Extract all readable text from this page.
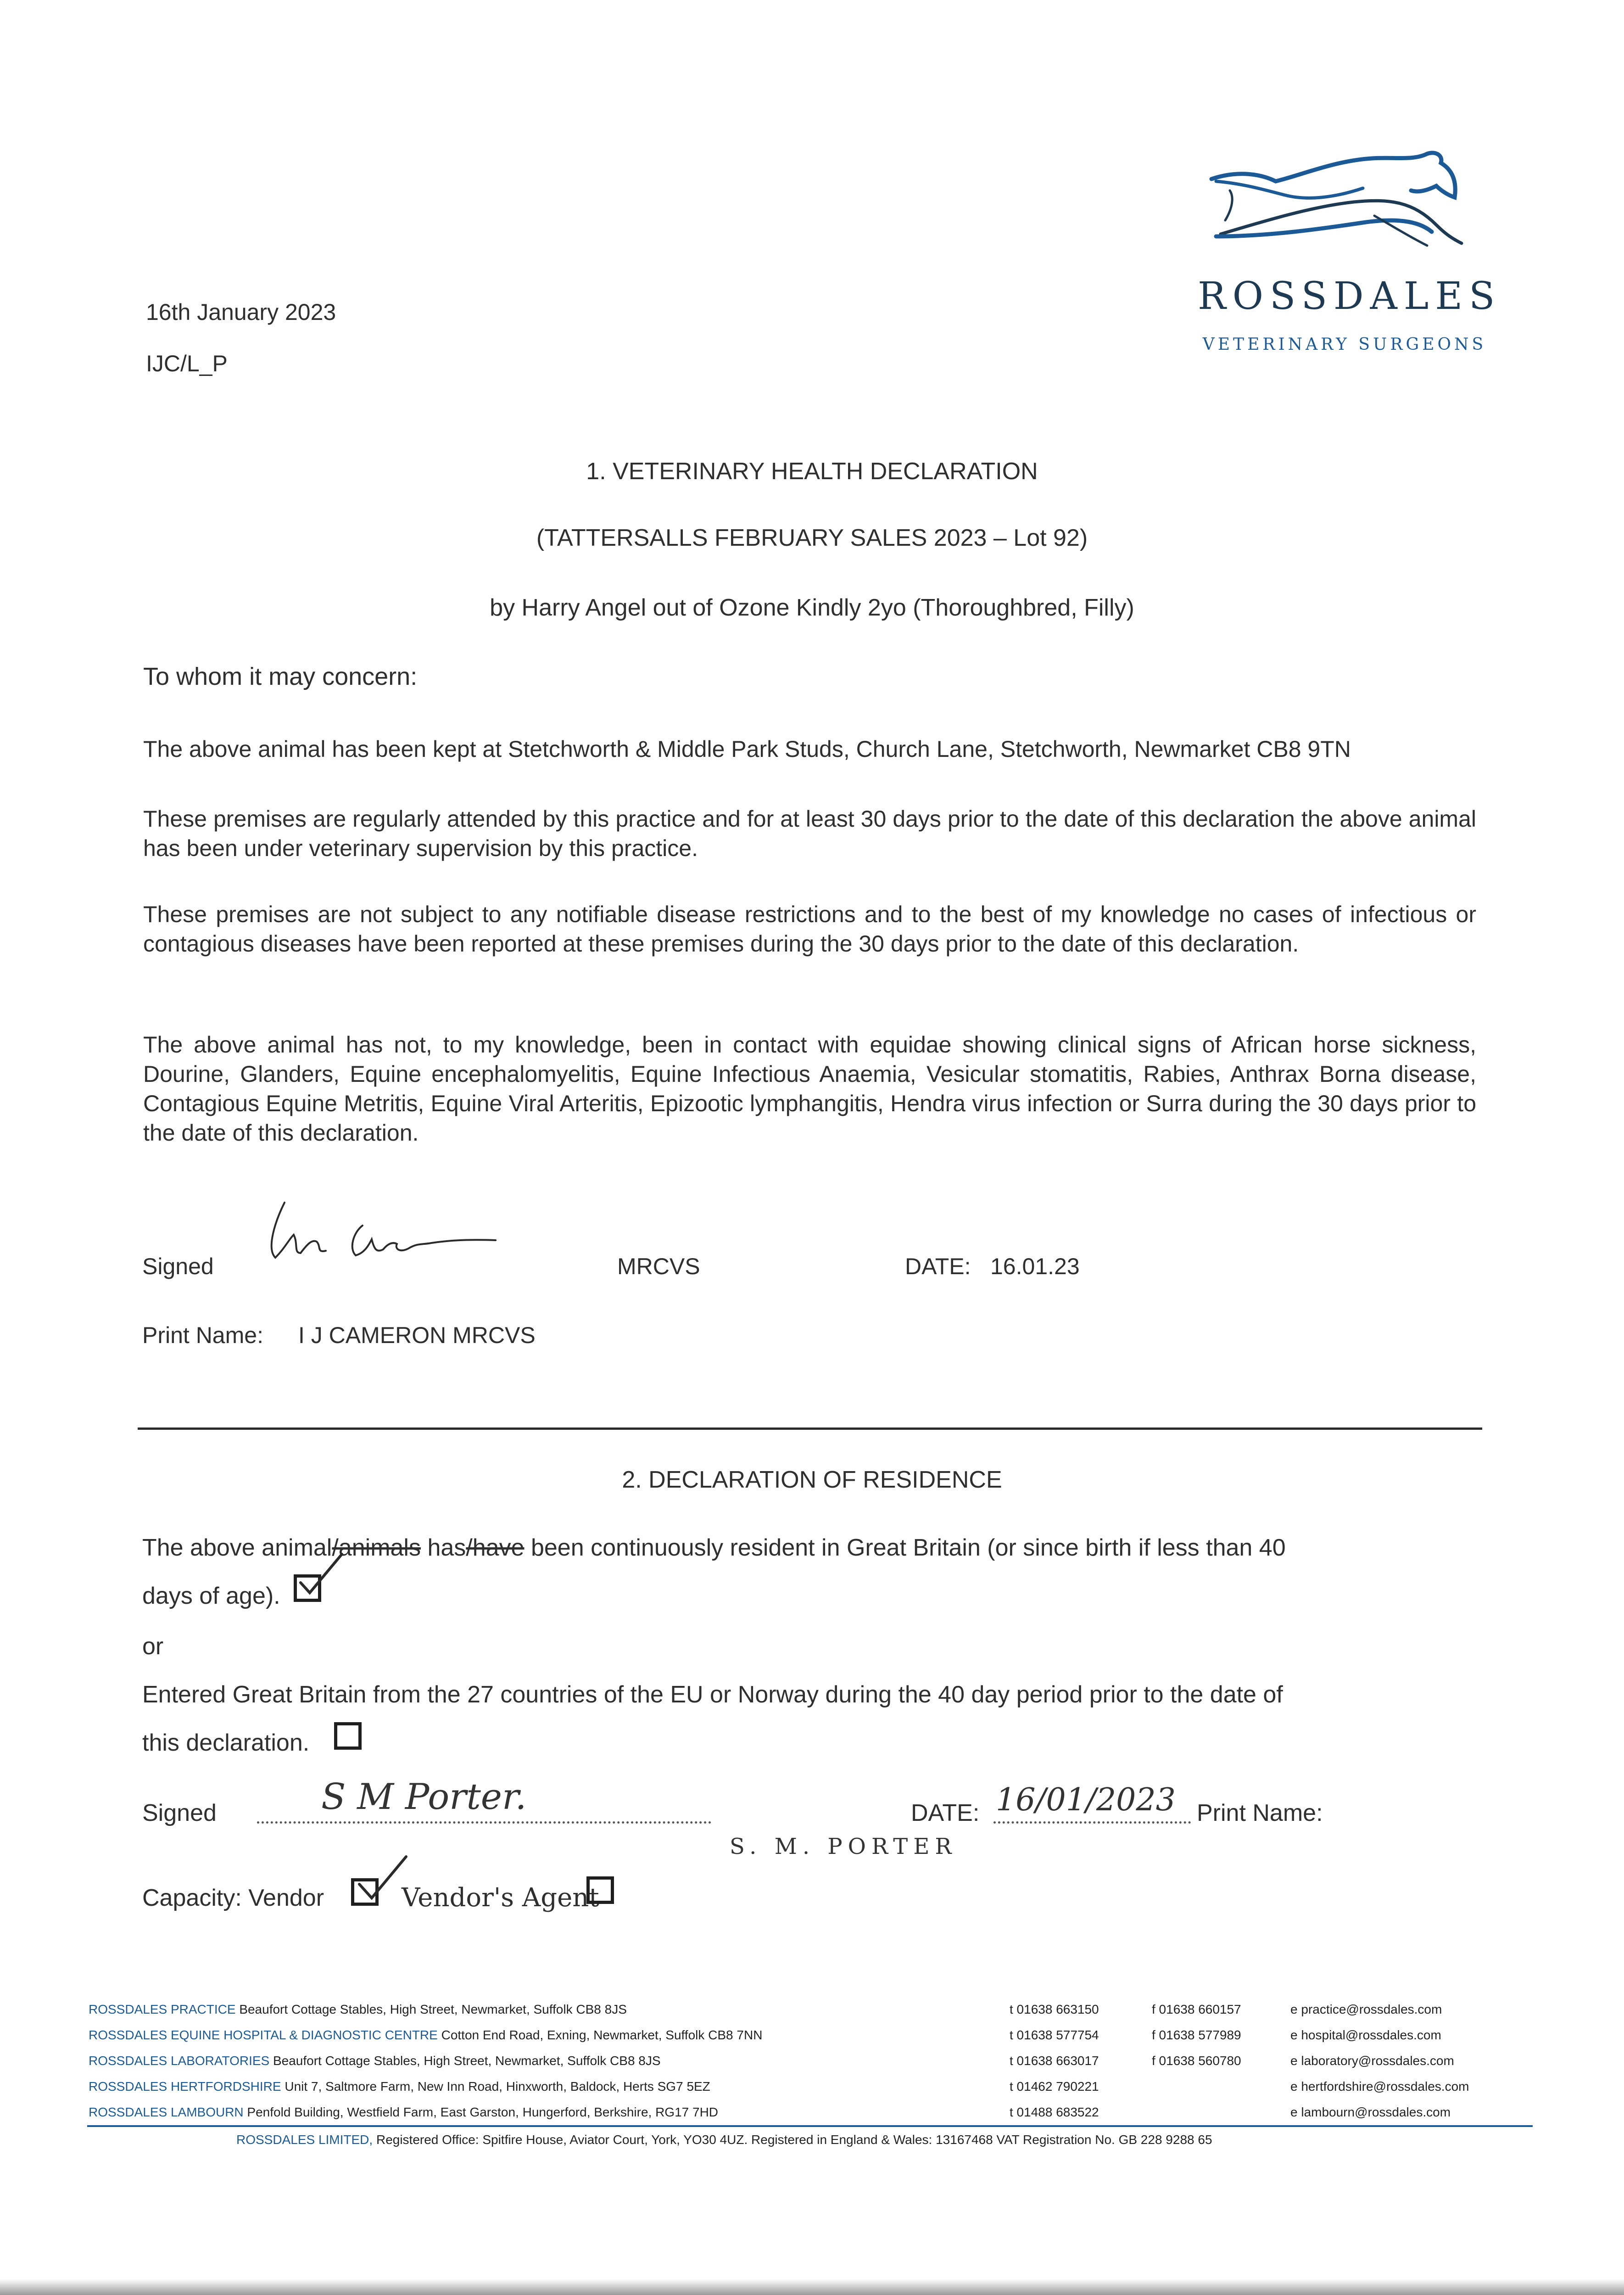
16th January 2023
IJC/L_P
ROSSDALES
VETERINARY SURGEONS
1. VETERINARY HEALTH DECLARATION
(TATTERSALLS FEBRUARY SALES 2023 – Lot 92)
by Harry Angel out of Ozone Kindly 2yo (Thoroughbred, Filly)
To whom it may concern:
The above animal has been kept at Stetchworth & Middle Park Studs, Church Lane, Stetchworth, Newmarket CB8 9TN
These premises are regularly attended by this practice and for at least 30 days prior to the date of this declaration the above animal has been under veterinary supervision by this practice.
These premises are not subject to any notifiable disease restrictions and to the best of my knowledge no cases of infectious or contagious diseases have been reported at these premises during the 30 days prior to the date of this declaration.
The above animal has not, to my knowledge, been in contact with equidae showing clinical signs of African horse sickness, Dourine, Glanders, Equine encephalomyelitis, Equine Infectious Anaemia, Vesicular stomatitis, Rabies, Anthrax Borna disease, Contagious Equine Metritis, Equine Viral Arteritis, Epizootic lymphangitis, Hendra virus infection or Surra during the 30 days prior to the date of this declaration.
Signed	MRCVS	DATE: 16.01.23
Print Name: I J CAMERON MRCVS
2. DECLARATION OF RESIDENCE
The above animal/animals has/have been continuously resident in Great Britain (or since birth if less than 40
days of age).
or
Entered Great Britain from the 27 countries of the EU or Norway during the 40 day period prior to the date of
this declaration.
Signed	S M Porter.	DATE: 16/01/2023 Print Name:
S. M. PORTER
Capacity: Vendor	Vendor's Agent
ROSSDALES PRACTICE Beaufort Cottage Stables, High Street, Newmarket, Suffolk CB8 8JS	t 01638 663150	f 01638 660157	e practice@rossdales.com
ROSSDALES EQUINE HOSPITAL & DIAGNOSTIC CENTRE Cotton End Road, Exning, Newmarket, Suffolk CB8 7NN	t 01638 577754	f 01638 577989	e hospital@rossdales.com
ROSSDALES LABORATORIES Beaufort Cottage Stables, High Street, Newmarket, Suffolk CB8 8JS	t 01638 663017	f 01638 560780	e laboratory@rossdales.com
ROSSDALES HERTFORDSHIRE Unit 7, Saltmore Farm, New Inn Road, Hinxworth, Baldock, Herts SG7 5EZ	t 01462 790221	e hertfordshire@rossdales.com
ROSSDALES LAMBOURN Penfold Building, Westfield Farm, East Garston, Hungerford, Berkshire, RG17 7HD	t 01488 683522	e lambourn@rossdales.com
ROSSDALES LIMITED, Registered Office: Spitfire House, Aviator Court, York, YO30 4UZ. Registered in England & Wales: 13167468 VAT Registration No. GB 228 9288 65
